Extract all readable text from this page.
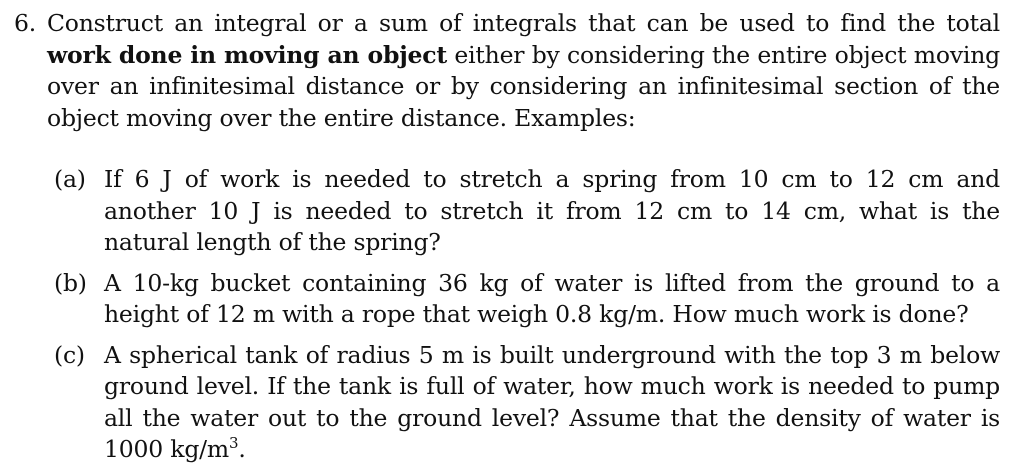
6. Construct an integral or a sum of integrals that can be used to find the total work done in moving an object either by considering the entire object moving over an infinitesimal distance or by considering an infinitesimal section of the object moving over the entire distance. Examples:
(a) If 6 J of work is needed to stretch a spring from 10 cm to 12 cm and another 10 J is needed to stretch it from 12 cm to 14 cm, what is the natural length of the spring?
(b) A 10-kg bucket containing 36 kg of water is lifted from the ground to a height of 12 m with a rope that weigh 0.8 kg/m. How much work is done?
(c) A spherical tank of radius 5 m is built underground with the top 3 m below ground level. If the tank is full of water, how much work is needed to pump all the water out to the ground level? Assume that the density of water is 1000 $kg/m^3$.
